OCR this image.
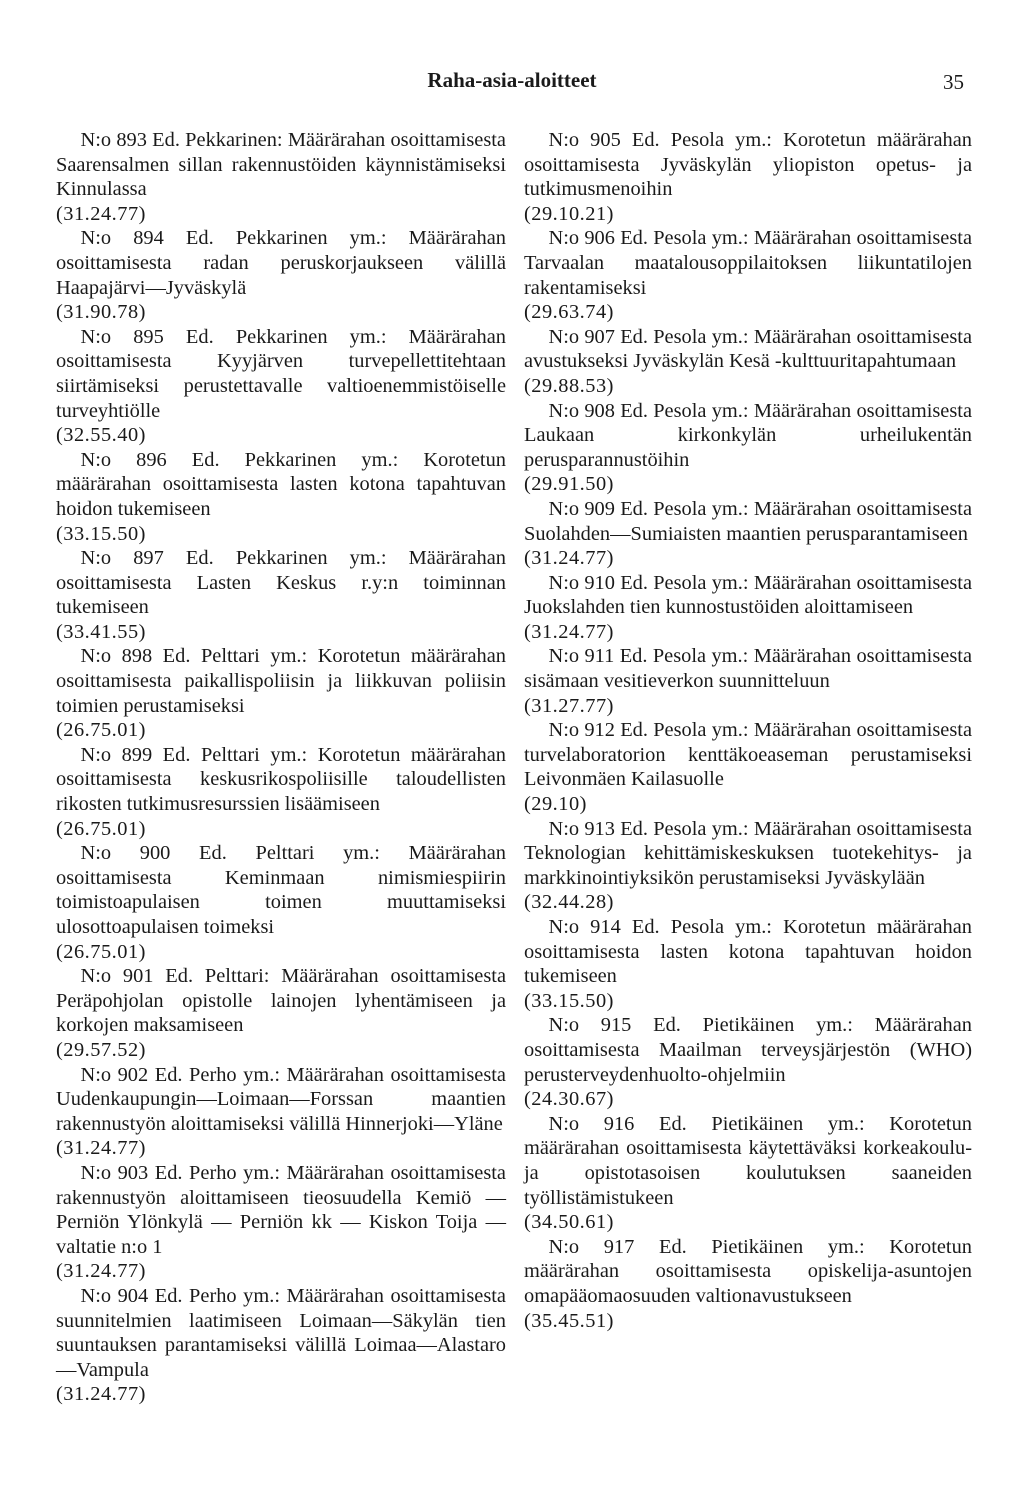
Raha-asia-aloitteet	35

N:o 893 Ed. Pekkarinen: Määrärahan osoittamisesta Saarensalmen sillan rakennustöiden käynnistämiseksi Kinnulassa

(31.24.77)

N:o 894 Ed. Pekkarinen ym.: Määrärahan osoittamisesta radan peruskorjaukseen välillä Haapajärvi—Jyväskylä

(31.90.78)

N:o 895 Ed. Pekkarinen ym.: Määrärahan osoittamisesta Kyyjärven turvepellettitehtaan siirtämiseksi perustettavalle valtioenemmistöiselle turveyhtiölle

(32.55.40)

N:o 896 Ed. Pekkarinen ym.: Korotetun määrärahan osoittamisesta lasten kotona tapahtuvan hoidon tukemiseen

(33.15.50)

N:o 897 Ed. Pekkarinen ym.: Määrärahan osoittamisesta Lasten Keskus r.y:n toiminnan tukemiseen

(33.41.55)

N:o 898 Ed. Pelttari ym.: Korotetun määrärahan osoittamisesta paikallispoliisin ja liikkuvan poliisin toimien perustamiseksi

(26.75.01)

N:o 899 Ed. Pelttari ym.: Korotetun määrärahan osoittamisesta keskusrikospoliisille taloudellisten rikosten tutkimusresurssien lisäämiseen

(26.75.01)

N:o 900 Ed. Pelttari ym.: Määrärahan osoittamisesta Keminmaan nimismiespiirin toimistoapulaisen toimen muuttamiseksi ulosottoapulaisen toimeksi

(26.75.01)

N:o 901 Ed. Pelttari: Määrärahan osoittamisesta Peräpohjolan opistolle lainojen lyhentämiseen ja korkojen maksamiseen

(29.57.52)

N:o 902 Ed. Perho ym.: Määrärahan osoittamisesta Uudenkaupungin—Loimaan—Forssan maantien rakennustyön aloittamiseksi välillä Hinnerjoki—Yläne

(31.24.77)

N:o 903 Ed. Perho ym.: Määrärahan osoittamisesta rakennustyön aloittamiseen tieosuudella Kemiö — Perniön Ylönkylä — Perniön kk — Kiskon Toija — valtatie n:o 1

(31.24.77)

N:o 904 Ed. Perho ym.: Määrärahan osoittamisesta suunnitelmien laatimiseen Loimaan—Säkylän tien suuntauksen parantamiseksi välillä Loimaa—Alastaro—Vampula

(31.24.77)

N:o 905 Ed. Pesola ym.: Korotetun määrärahan osoittamisesta Jyväskylän yliopiston opetus- ja tutkimusmenoihin

(29.10.21)

N:o 906 Ed. Pesola ym.: Määrärahan osoittamisesta Tarvaalan maatalousoppilaitoksen liikuntatilojen rakentamiseksi

(29.63.74)

N:o 907 Ed. Pesola ym.: Määrärahan osoittamisesta avustukseksi Jyväskylän Kesä -kulttuuritapahtumaan

(29.88.53)

N:o 908 Ed. Pesola ym.: Määrärahan osoittamisesta Laukaan kirkonkylän urheilukentän perusparannustöihin

(29.91.50)

N:o 909 Ed. Pesola ym.: Määrärahan osoittamisesta Suolahden—Sumiaisten maantien perusparantamiseen

(31.24.77)

N:o 910 Ed. Pesola ym.: Määrärahan osoittamisesta Juokslahden tien kunnostustöiden aloittamiseen

(31.24.77)

N:o 911 Ed. Pesola ym.: Määrärahan osoittamisesta sisämaan vesitieverkon suunnitteluun

(31.27.77)

N:o 912 Ed. Pesola ym.: Määrärahan osoittamisesta turvelaboratorion kenttäkoeaseman perustamiseksi Leivonmäen Kailasuolle

(29.10)

N:o 913 Ed. Pesola ym.: Määrärahan osoittamisesta Teknologian kehittämiskeskuksen tuotekehitys- ja markkinointiyksikön perustamiseksi Jyväskylään

(32.44.28)

N:o 914 Ed. Pesola ym.: Korotetun määrärahan osoittamisesta lasten kotona tapahtuvan hoidon tukemiseen

(33.15.50)

N:o 915 Ed. Pietikäinen ym.: Määrärahan osoittamisesta Maailman terveysjärjestön (WHO) perusterveydenhuolto-ohjelmiin

(24.30.67)

N:o 916 Ed. Pietikäinen ym.: Korotetun määrärahan osoittamisesta käytettäväksi korkeakoulu- ja opistotasoisen koulutuksen saaneiden työllistämistukeen

(34.50.61)

N:o 917 Ed. Pietikäinen ym.: Korotetun määrärahan osoittamisesta opiskelija-asuntojen omapääomaosuuden valtionavustukseen

(35.45.51)
